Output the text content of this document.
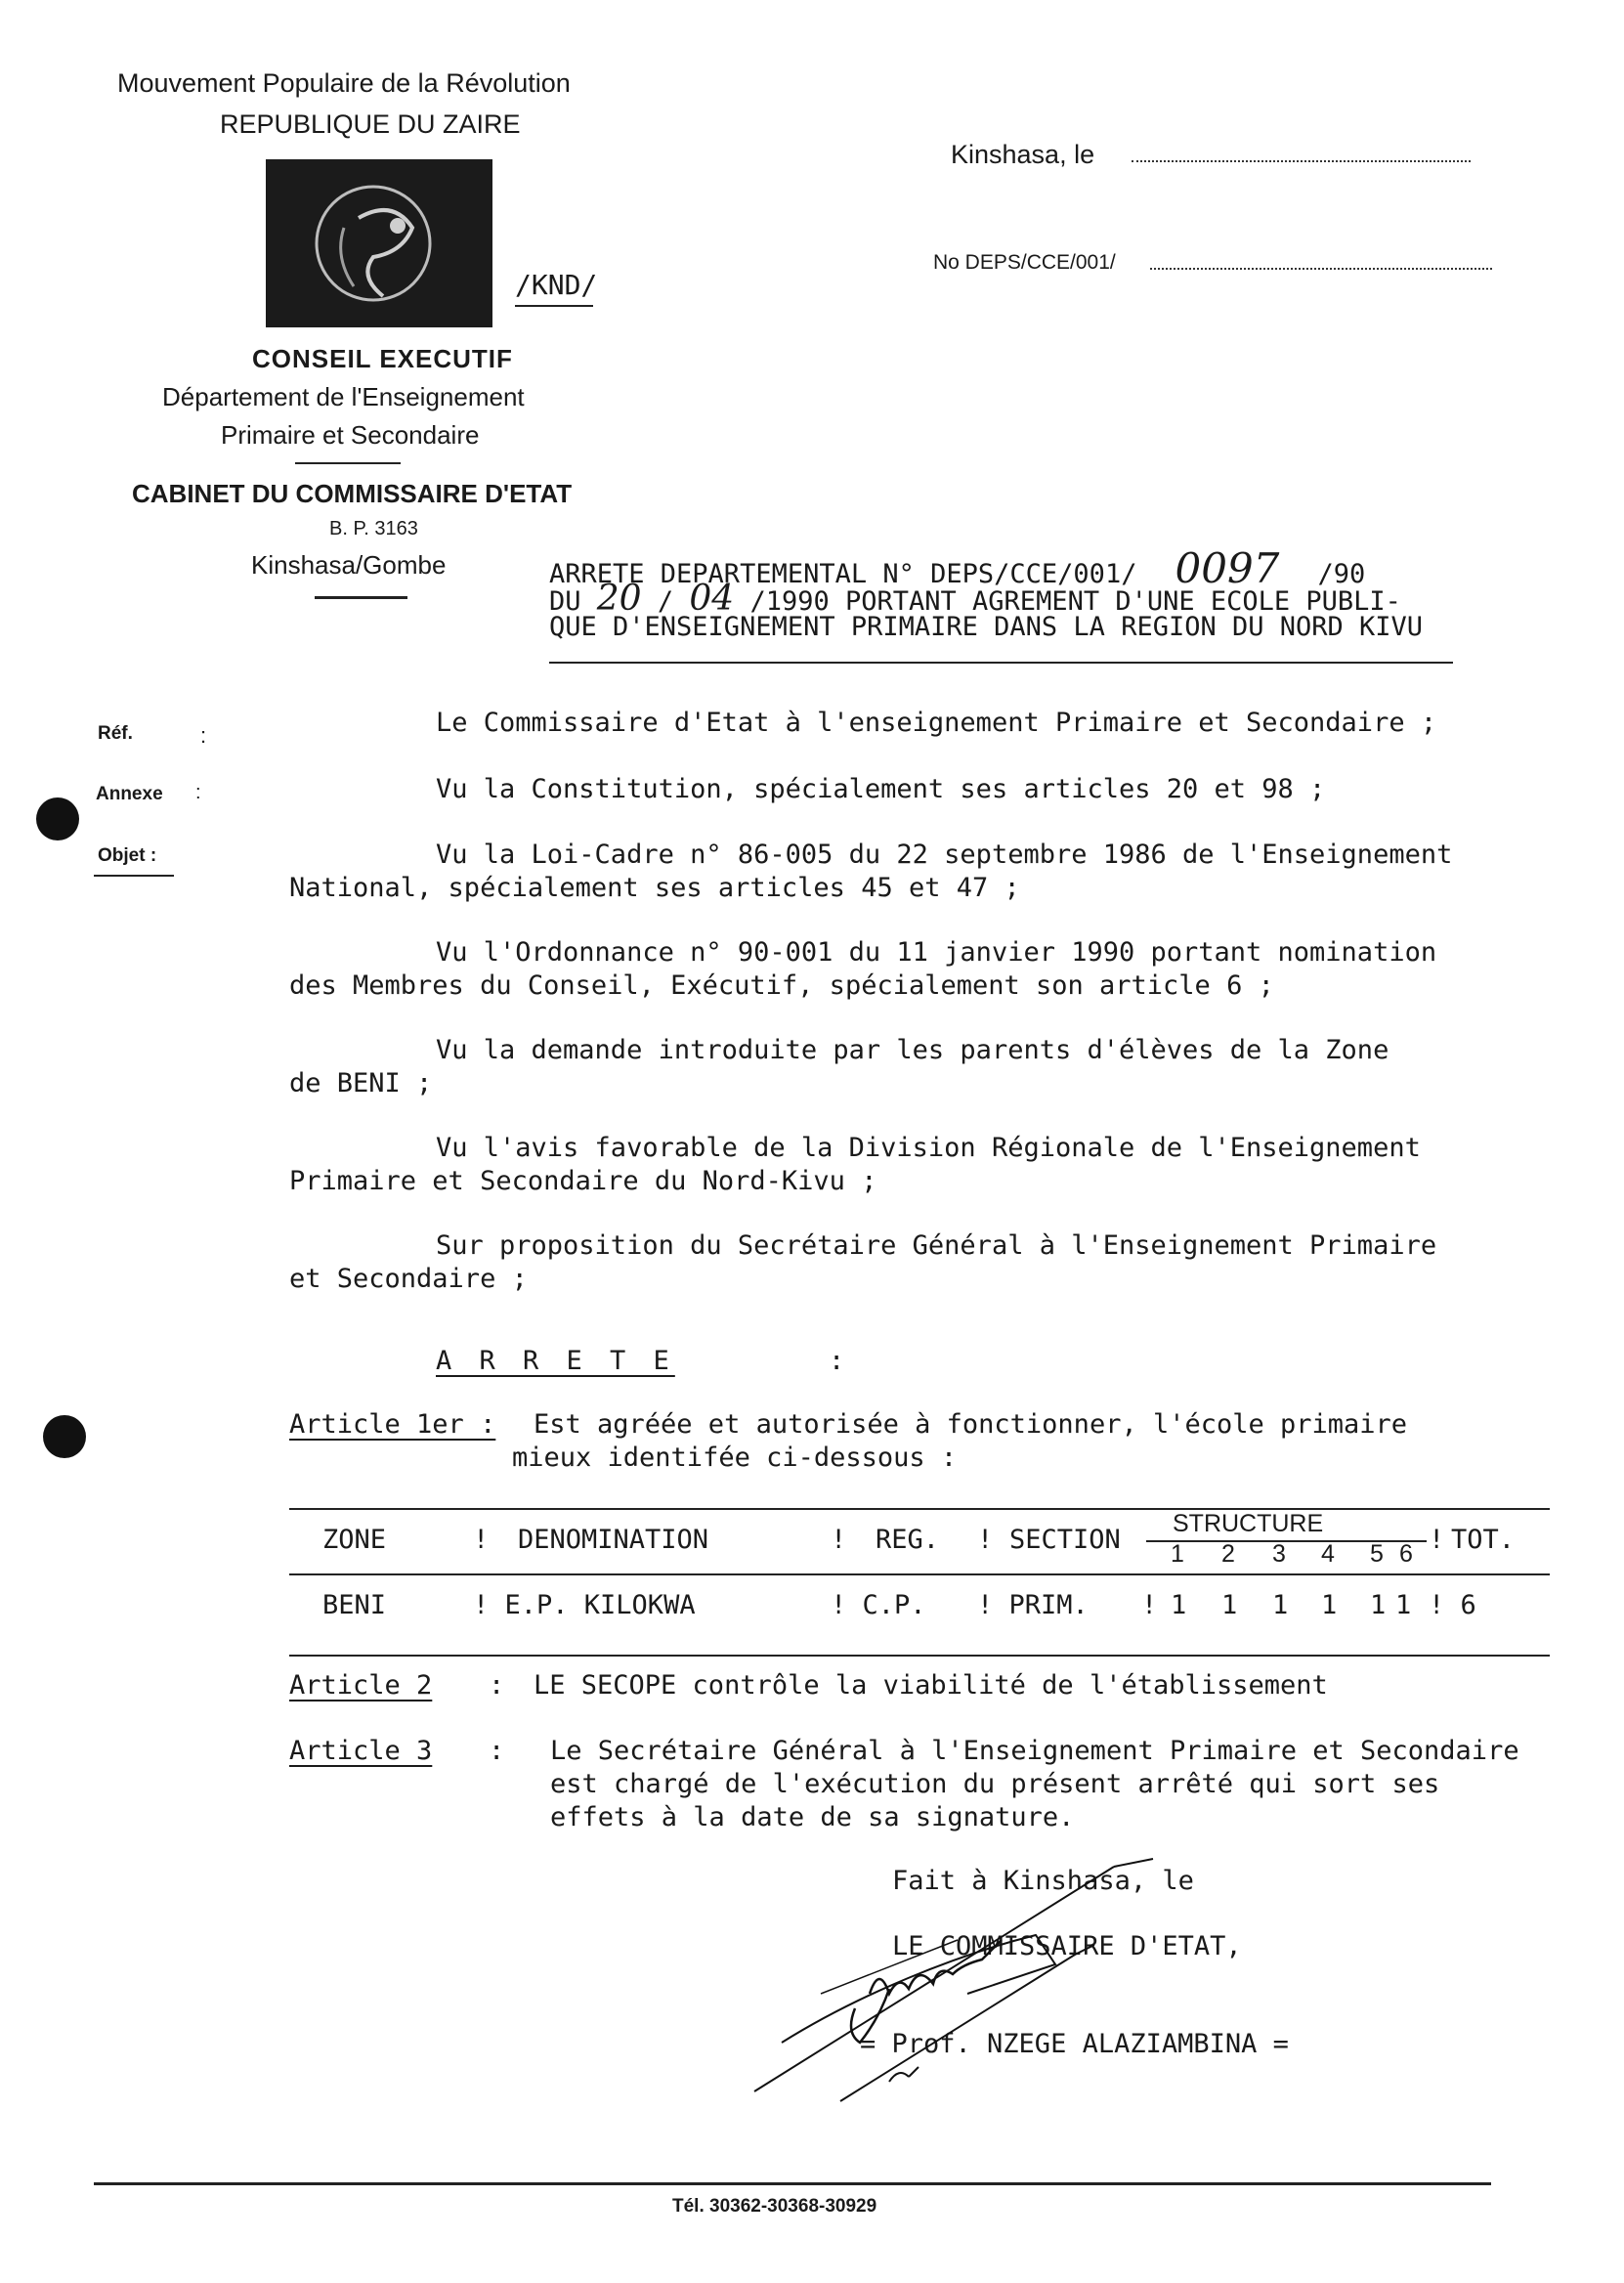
Mouvement Populaire de la Révolution
REPUBLIQUE DU ZAIRE
/KND/
CONSEIL EXECUTIF
Département de l'Enseignement
Primaire et Secondaire
CABINET DU COMMISSAIRE D'ETAT
B. P. 3163
Kinshasa/Gombe
Kinshasa, le
No DEPS/CCE/001/
Réf.	:
Annexe :
Objet :
ARRETE DEPARTEMENTAL N° DEPS/CCE/001/ 0097 /90
DU 20 / 04 /1990 PORTANT AGREMENT D'UNE ECOLE PUBLI-
QUE D'ENSEIGNEMENT PRIMAIRE DANS LA REGION DU NORD KIVU
Le Commissaire d'Etat à l'enseignement Primaire et Secondaire ;
Vu la Constitution, spécialement ses articles 20 et 98 ;
Vu la Loi-Cadre n° 86-005 du 22 septembre 1986 de l'Enseignement
National, spécialement ses articles 45 et 47 ;
Vu l'Ordonnance n° 90-001 du 11 janvier 1990 portant nomination
des Membres du Conseil, Exécutif, spécialement son article 6 ;
Vu la demande introduite par les parents d'élèves de la Zone
de BENI ;
Vu l'avis favorable de la Division Régionale de l'Enseignement
Primaire et Secondaire du Nord-Kivu ;
Sur proposition du Secrétaire Général à l'Enseignement Primaire
et Secondaire ;
A R R E T E	:
Article 1er : Est agréée et autorisée à fonctionner, l'école primaire
mieux identifée ci-dessous :
ZONE	! DENOMINATION	! REG. ! SECTION
STRUCTURE
1 2 3 4 5 6 ! TOT.
BENI	! E.P. KILOKWA	! C.P. ! PRIM. ! 1 1 1 1 1 1 ! 6
Article 2 : LE SECOPE contrôle la viabilité de l'établissement
Article 3 : Le Secrétaire Général à l'Enseignement Primaire et Secondaire
est chargé de l'exécution du présent arrêté qui sort ses
effets à la date de sa signature.
Fait à Kinshasa, le
LE COMMISSAIRE D'ETAT,
= Prof. NZEGE ALAZIAMBINA =
Tél. 30362-30368-30929
